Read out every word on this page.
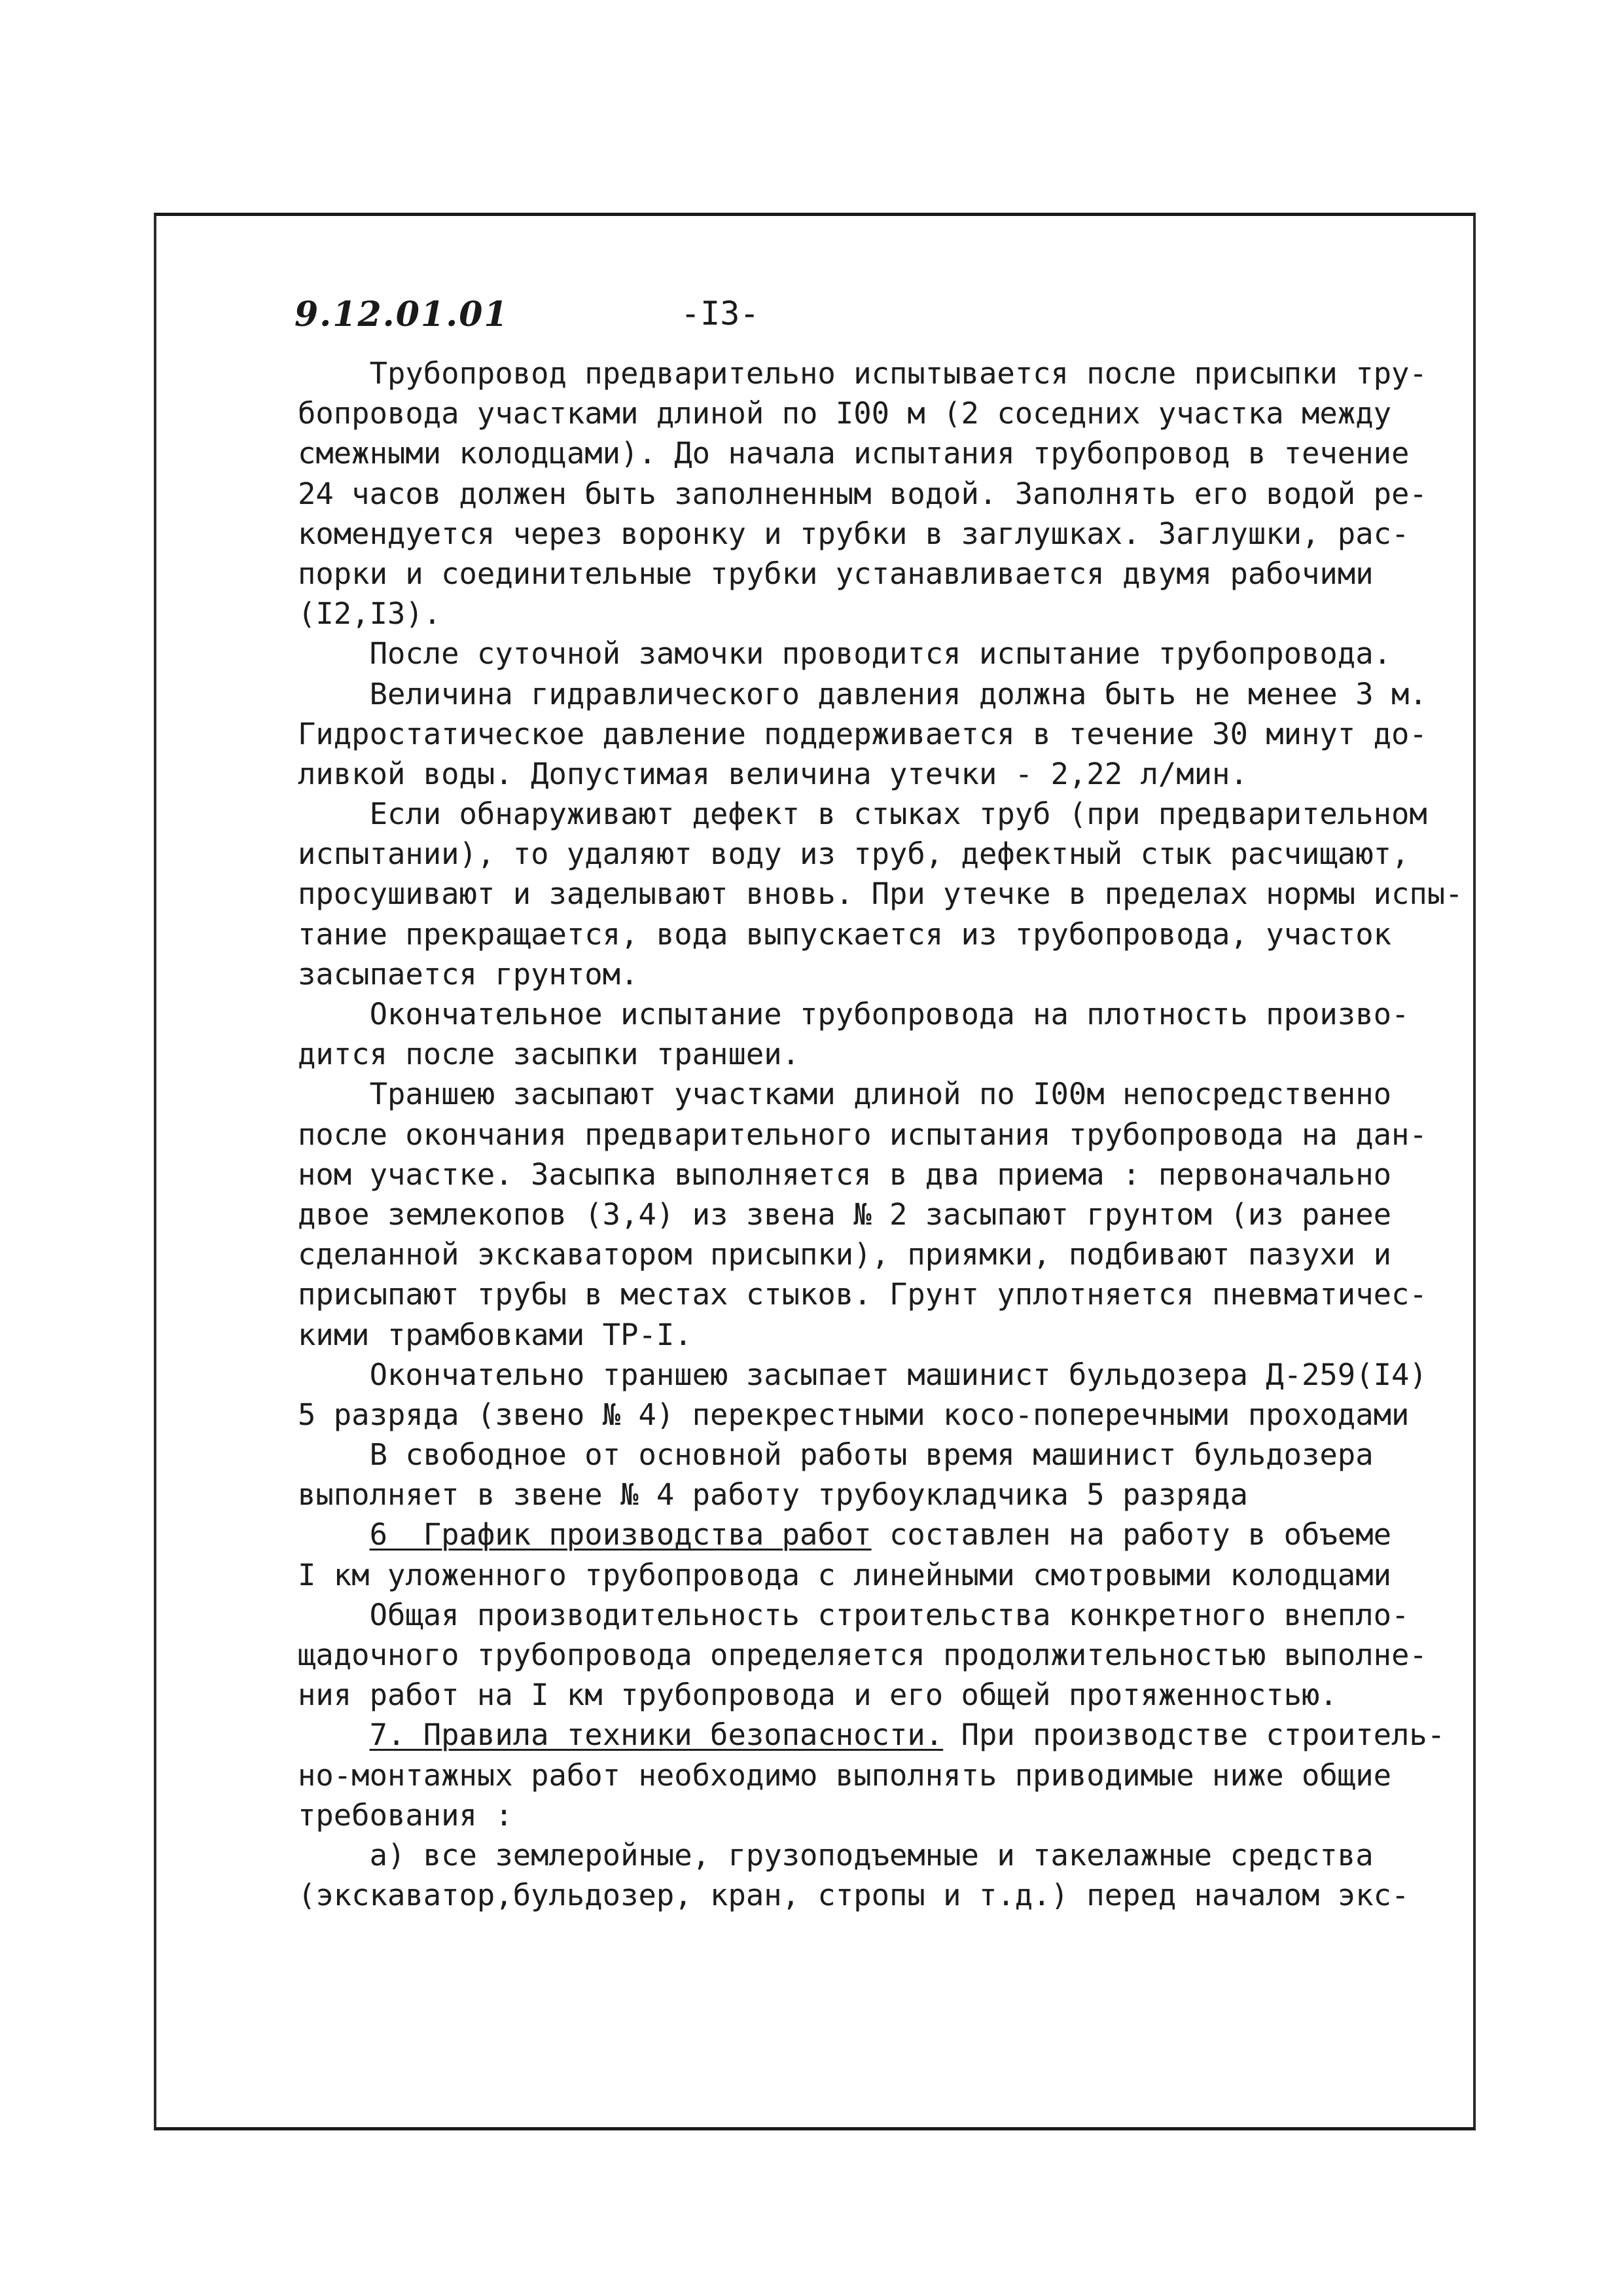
9.12.01.01	-I3-
Трубопровод предварительно испытывается после присыпки тру-
бопровода участками длиной по I00 м (2 соседних участка между
смежными колодцами). До начала испытания трубопровод в течение
24 часов должен быть заполненным водой. Заполнять его водой ре-
комендуется через воронку и трубки в заглушках. Заглушки, рас-
порки и соединительные трубки устанавливается двумя рабочими
(I2,I3).
После суточной замочки проводится испытание трубопровода.
Величина гидравлического давления должна быть не менее 3 м.
Гидростатическое давление поддерживается в течение 30 минут до-
ливкой воды. Допустимая величина утечки - 2,22 л/мин.
Если обнаруживают дефект в стыках труб (при предварительном
испытании), то удаляют воду из труб, дефектный стык расчищают,
просушивают и заделывают вновь. При утечке в пределах нормы испы-
тание прекращается, вода выпускается из трубопровода, участок
засыпается грунтом.
Окончательное испытание трубопровода на плотность произво-
дится после засыпки траншеи.
Траншею засыпают участками длиной по I00м непосредственно
после окончания предварительного испытания трубопровода на дан-
ном участке. Засыпка выполняется в два приема : первоначально
двое землекопов (3,4) из звена № 2 засыпают грунтом (из ранее
сделанной экскаватором присыпки), приямки, подбивают пазухи и
присыпают трубы в местах стыков. Грунт уплотняется пневматичес-
кими трамбовками ТР-I.
Окончательно траншею засыпает машинист бульдозера Д-259(I4)
5 разряда (звено № 4) перекрестными косо-поперечными проходами
В свободное от основной работы время машинист бульдозера
выполняет в звене № 4 работу трубоукладчика 5 разряда
6  График производства работ составлен на работу в объеме
I км уложенного трубопровода с линейными смотровыми колодцами
Общая производительность строительства конкретного внепло-
щадочного трубопровода определяется продолжительностью выполне-
ния работ на I км трубопровода и его общей протяженностью.
7. Правила техники безопасности. При производстве строитель-
но-монтажных работ необходимо выполнять приводимые ниже общие
требования :
а) все землеройные, грузоподъемные и такелажные средства
(экскаватор,бульдозер, кран, стропы и т.д.) перед началом экс-
